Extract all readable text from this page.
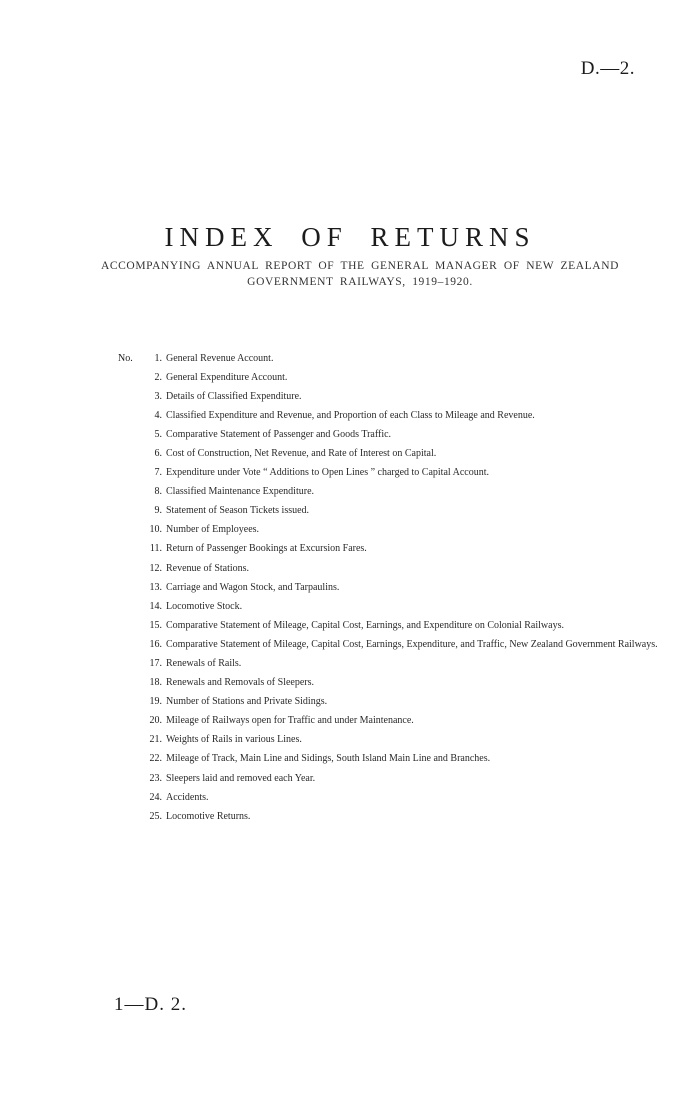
D.—2.
INDEX OF RETURNS
ACCOMPANYING ANNUAL REPORT OF THE GENERAL MANAGER OF NEW ZEALAND GOVERNMENT RAILWAYS, 1919–1920.
No.	1. General Revenue Account.
2. General Expenditure Account.
3. Details of Classified Expenditure.
4. Classified Expenditure and Revenue, and Proportion of each Class to Mileage and Revenue.
5. Comparative Statement of Passenger and Goods Traffic.
6. Cost of Construction, Net Revenue, and Rate of Interest on Capital.
7. Expenditure under Vote “ Additions to Open Lines ” charged to Capital Account.
8. Classified Maintenance Expenditure.
9. Statement of Season Tickets issued.
10. Number of Employees.
11. Return of Passenger Bookings at Excursion Fares.
12. Revenue of Stations.
13. Carriage and Wagon Stock, and Tarpaulins.
14. Locomotive Stock.
15. Comparative Statement of Mileage, Capital Cost, Earnings, and Expenditure on Colonial Railways.
16. Comparative Statement of Mileage, Capital Cost, Earnings, Expenditure, and Traffic, New Zealand Government Railways.
17. Renewals of Rails.
18. Renewals and Removals of Sleepers.
19. Number of Stations and Private Sidings.
20. Mileage of Railways open for Traffic and under Maintenance.
21. Weights of Rails in various Lines.
22. Mileage of Track, Main Line and Sidings, South Island Main Line and Branches.
23. Sleepers laid and removed each Year.
24. Accidents.
25. Locomotive Returns.
1—D. 2.
